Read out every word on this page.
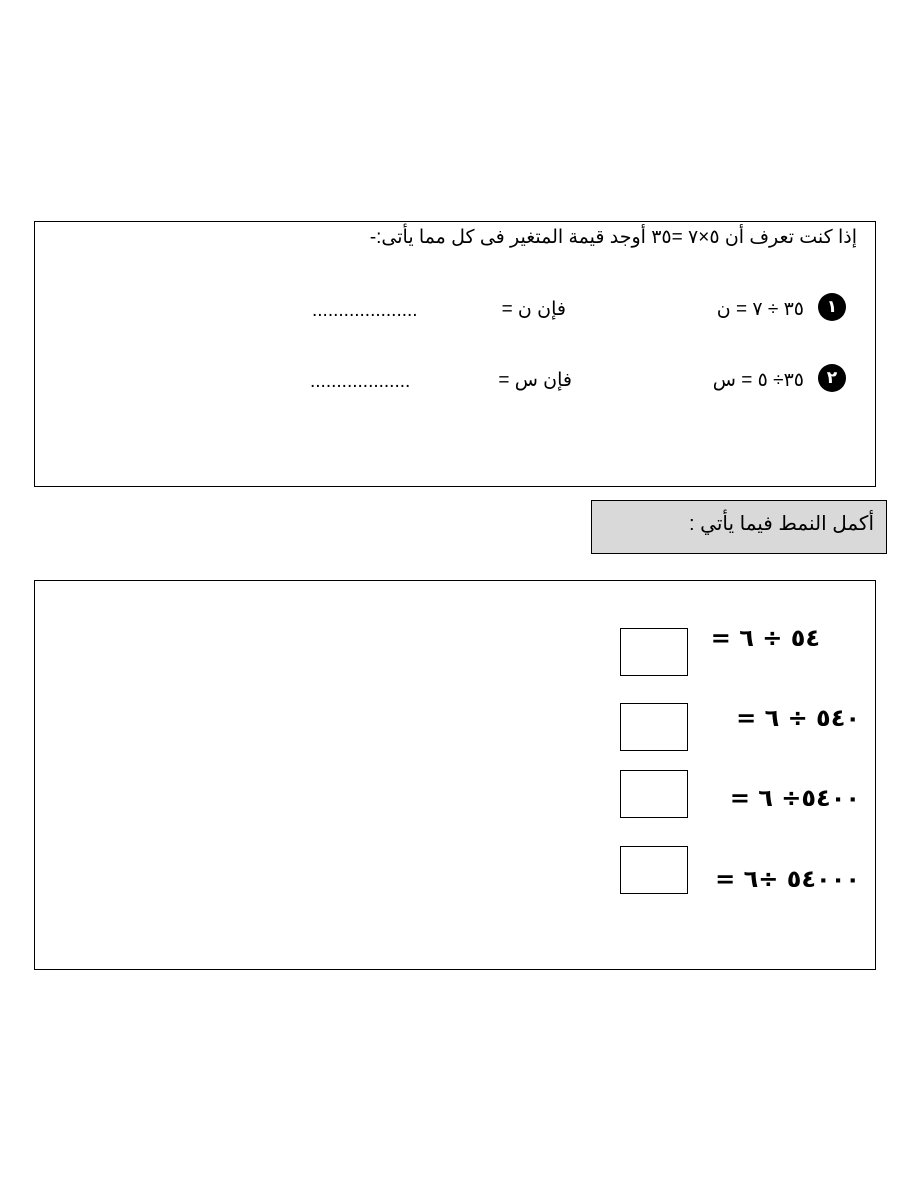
إذا كنت تعرف أن ٥×٧ =٣٥ أوجد قيمة المتغير فى كل مما يأتى:-
١
٣٥ ÷ ٧ = ن
فإن ن =
....................
٢
٣٥÷ ٥ = س
فإن س =
...................
أكمل النمط فيما يأتي :
٥٤ ÷ ٦ =
٥٤٠ ÷ ٦ =
٥٤٠٠÷ ٦ =
٥٤٠٠٠ ÷٦ =
